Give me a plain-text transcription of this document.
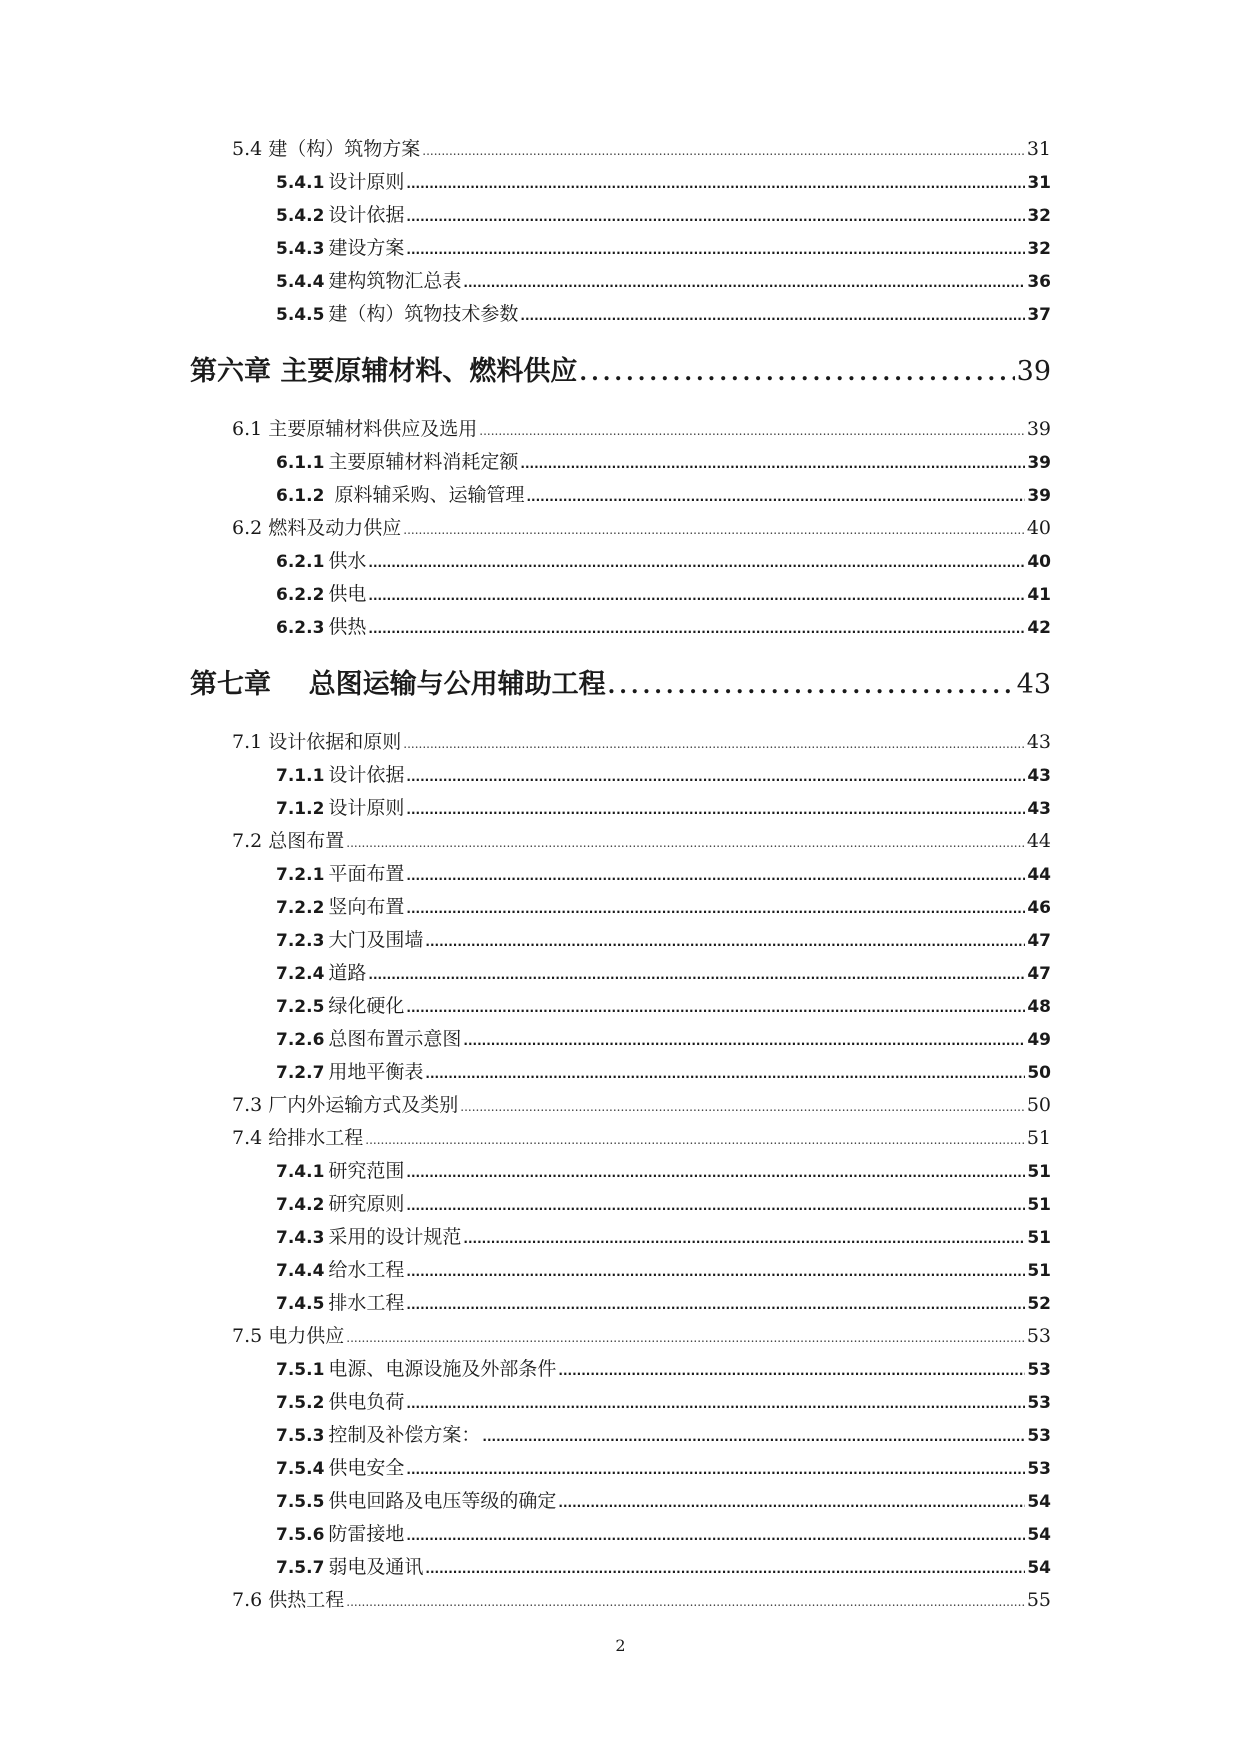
5.4 建（构）筑物方案 .....	31
5.4.1 设计原则 .....	31
5.4.2 设计依据 .....	32
5.4.3 建设方案 .....	32
5.4.4 建构筑物汇总表 .....	36
5.4.5 建（构）筑物技术参数 .....	37
第六章 主要原辅材料、燃料供应 .....	39
6.1 主要原辅材料供应及选用 .....	39
6.1.1 主要原辅材料消耗定额 .....	39
6.1.2 原料辅采购、运输管理 .....	39
6.2 燃料及动力供应 .....	40
6.2.1 供水 .....	40
6.2.2 供电 .....	41
6.2.3 供热 .....	42
第七章    总图运输与公用辅助工程 .....	43
7.1 设计依据和原则 .....	43
7.1.1 设计依据 .....	43
7.1.2 设计原则 .....	43
7.2 总图布置 .....	44
7.2.1 平面布置 .....	44
7.2.2 竖向布置 .....	46
7.2.3 大门及围墙 .....	47
7.2.4 道路 .....	47
7.2.5 绿化硬化 .....	48
7.2.6 总图布置示意图 .....	49
7.2.7 用地平衡表 .....	50
7.3 厂内外运输方式及类别 .....	50
7.4 给排水工程 .....	51
7.4.1 研究范围 .....	51
7.4.2 研究原则 .....	51
7.4.3 采用的设计规范 .....	51
7.4.4 给水工程 .....	51
7.4.5 排水工程 .....	52
7.5 电力供应 .....	53
7.5.1 电源、电源设施及外部条件 .....	53
7.5.2 供电负荷 .....	53
7.5.3 控制及补偿方案： .....	53
7.5.4 供电安全 .....	53
7.5.5 供电回路及电压等级的确定 .....	54
7.5.6 防雷接地 .....	54
7.5.7 弱电及通讯 .....	54
7.6 供热工程 .....	55
2
